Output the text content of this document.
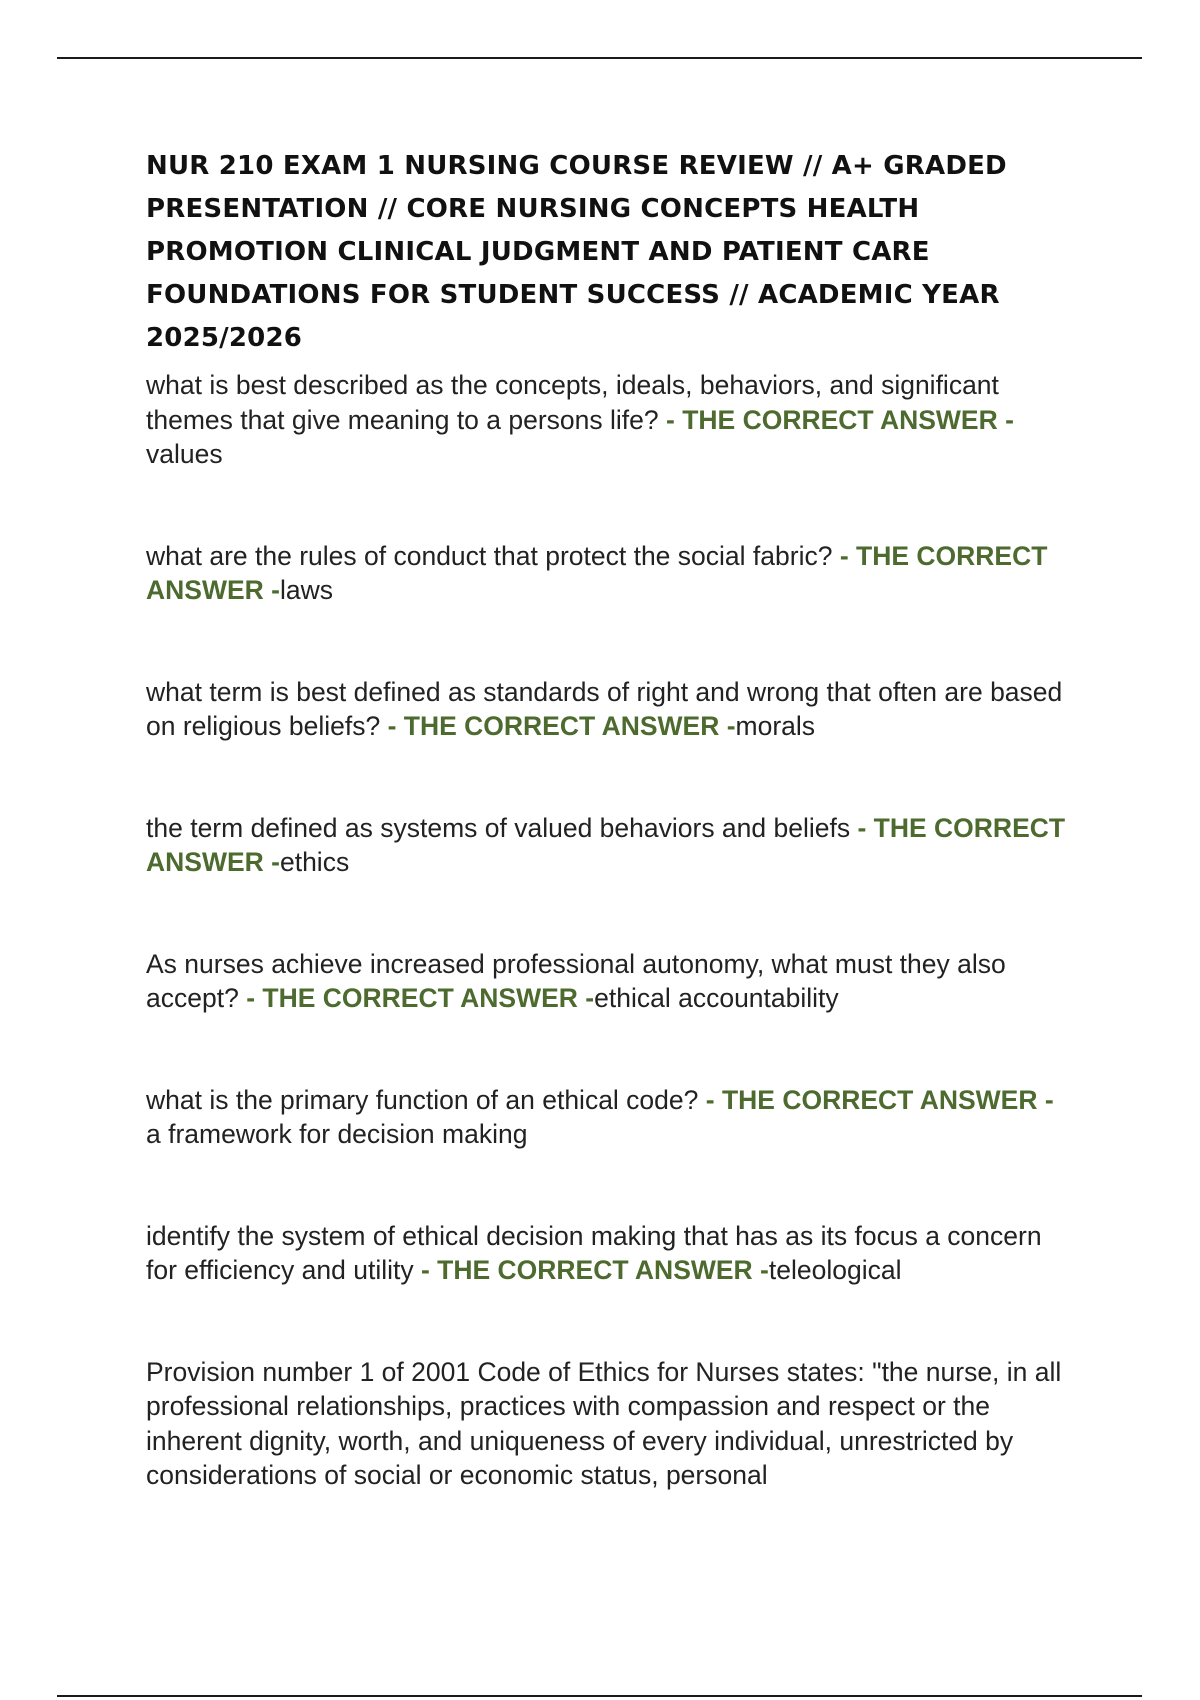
NUR 210 EXAM 1 NURSING COURSE REVIEW // A+ GRADED PRESENTATION // CORE NURSING CONCEPTS HEALTH PROMOTION CLINICAL JUDGMENT AND PATIENT CARE FOUNDATIONS FOR STUDENT SUCCESS // ACADEMIC YEAR 2025/2026

what is best described as the concepts, ideals, behaviors, and significant themes that give meaning to a persons life? - THE CORRECT ANSWER -values

what are the rules of conduct that protect the social fabric? - THE CORRECT ANSWER -laws

what term is best defined as standards of right and wrong that often are based on religious beliefs? - THE CORRECT ANSWER -morals

the term defined as systems of valued behaviors and beliefs - THE CORRECT ANSWER -ethics

As nurses achieve increased professional autonomy, what must they also accept? - THE CORRECT ANSWER -ethical accountability

what is the primary function of an ethical code? - THE CORRECT ANSWER -a framework for decision making

identify the system of ethical decision making that has as its focus a concern for efficiency and utility - THE CORRECT ANSWER -teleological

Provision number 1 of 2001 Code of Ethics for Nurses states: "the nurse, in all professional relationships, practices with compassion and respect or the inherent dignity, worth, and uniqueness of every individual, unrestricted by considerations of social or economic status, personal
